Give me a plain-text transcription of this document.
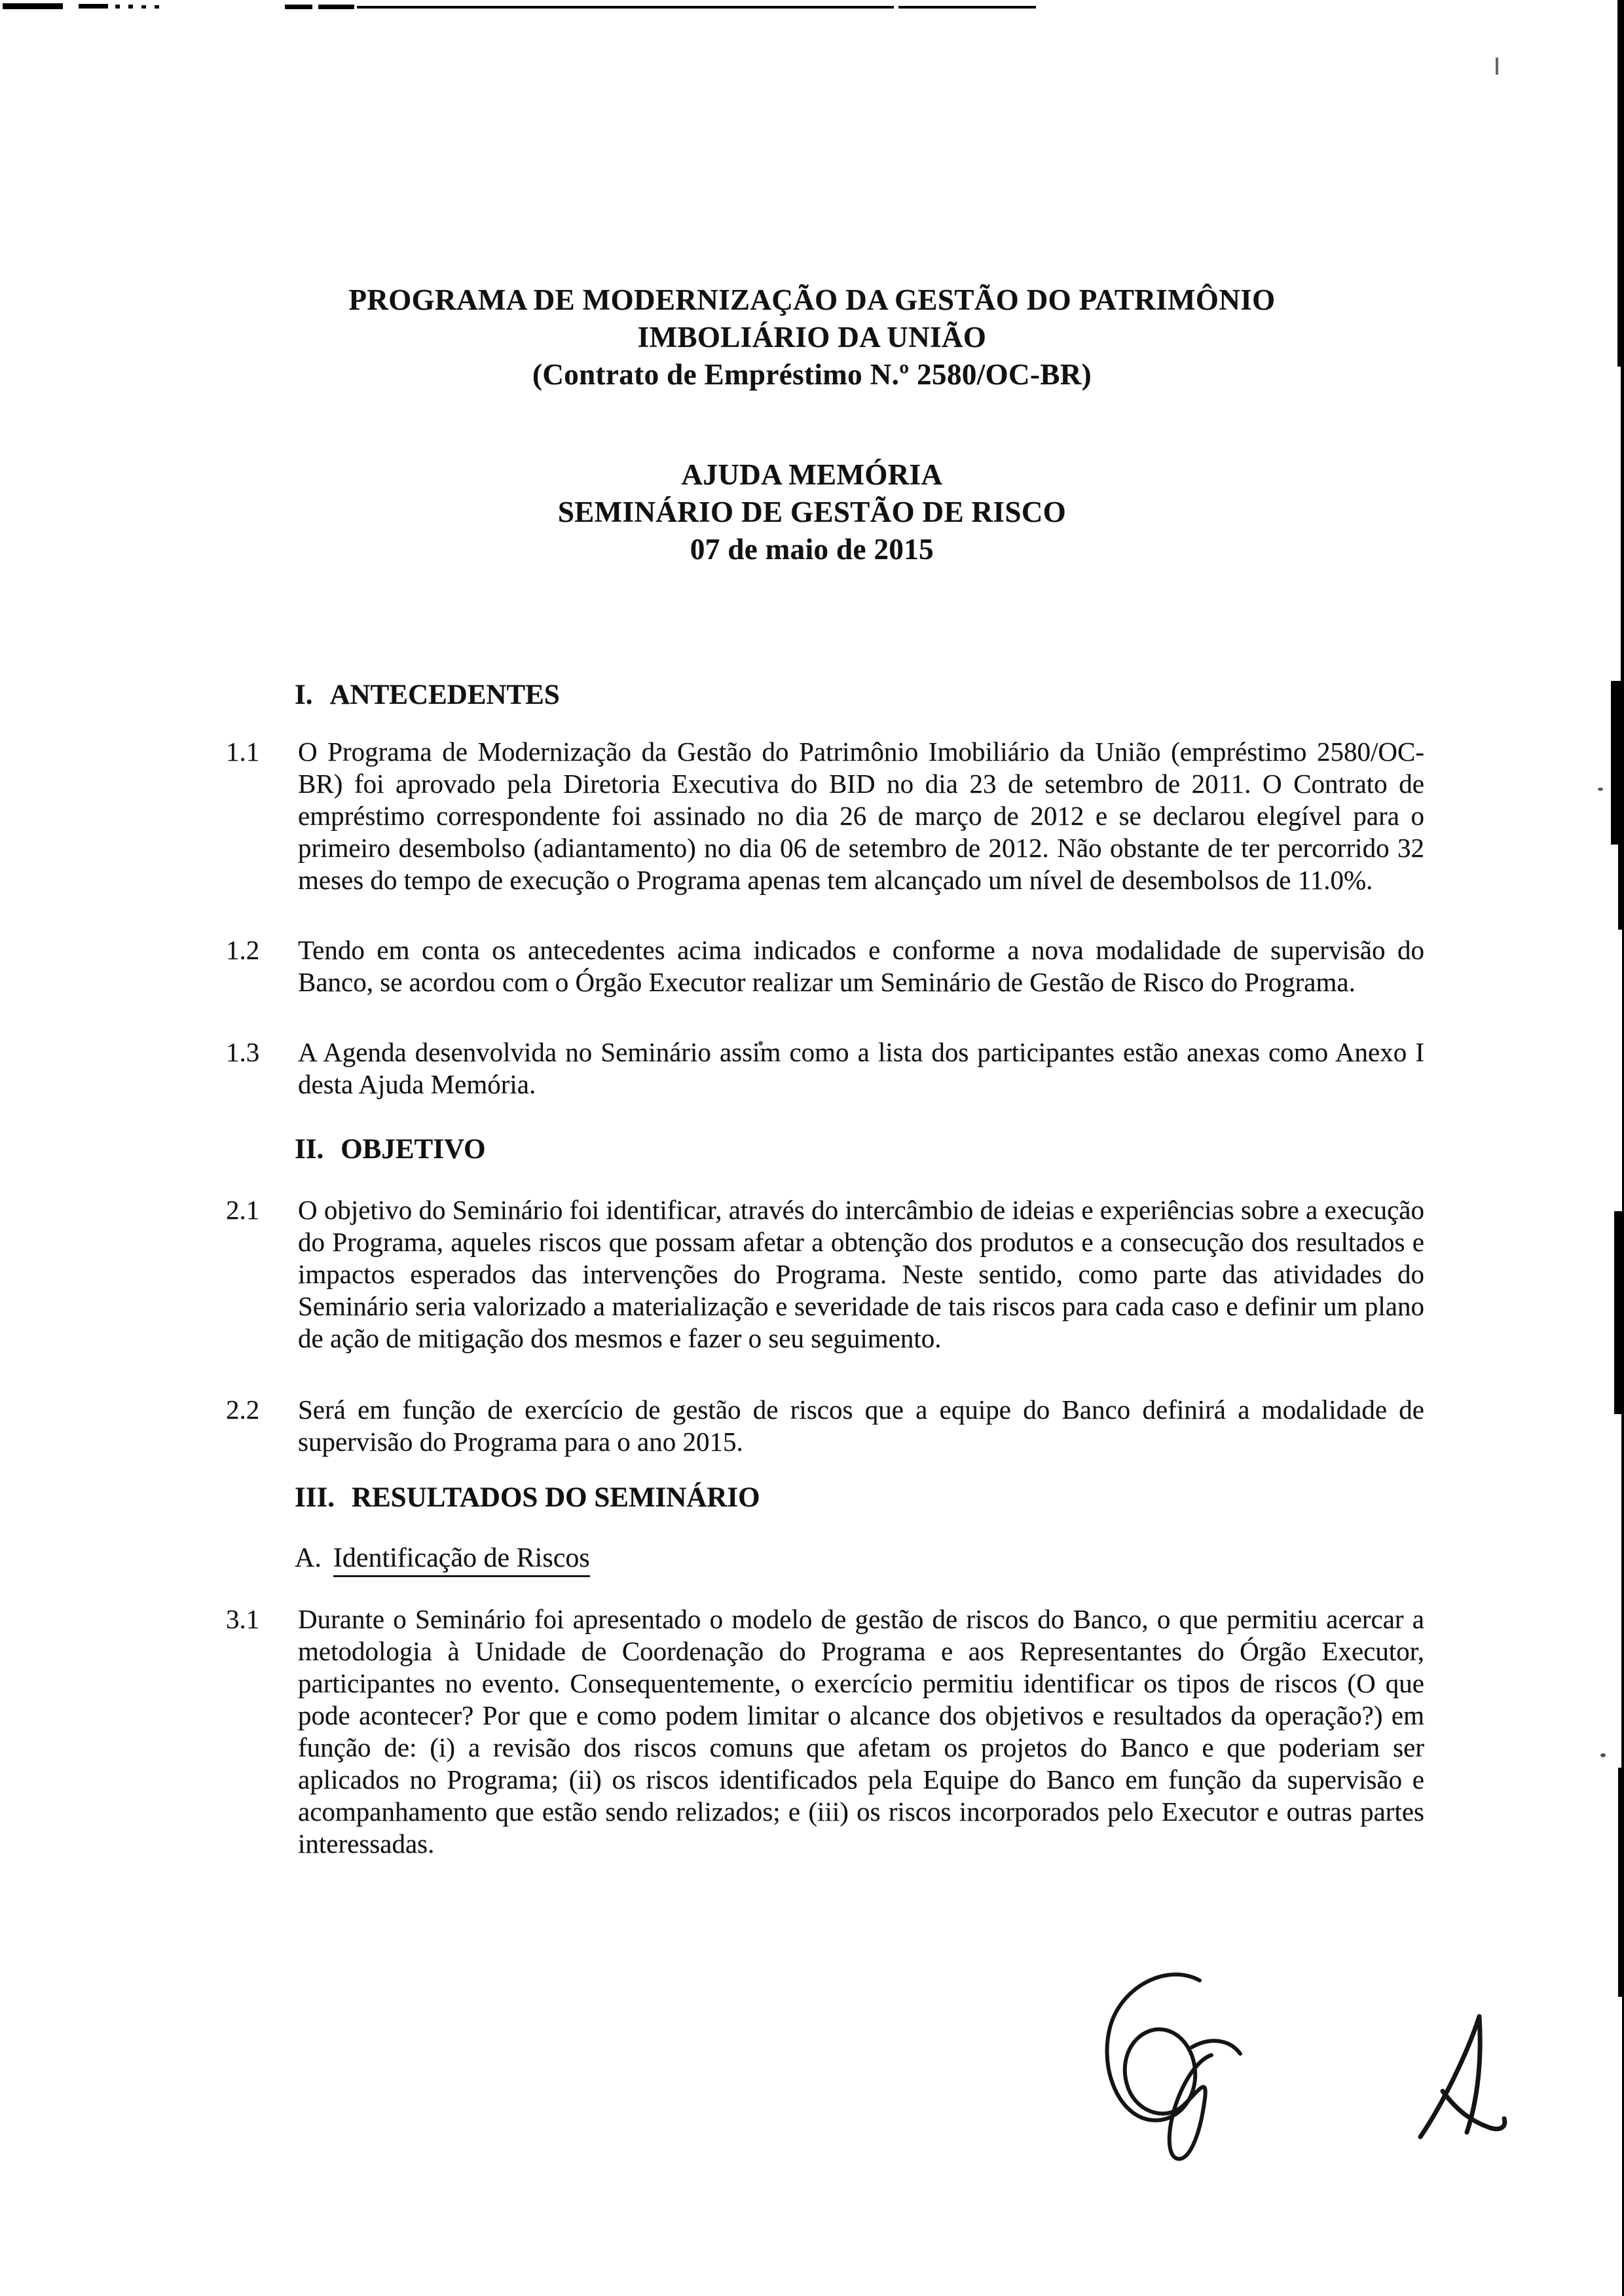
PROGRAMA DE MODERNIZAÇÃO DA GESTÃO DO PATRIMÔNIO
IMBOLIÁRIO DA UNIÃO
(Contrato de Empréstimo N.º 2580/OC-BR)
AJUDA MEMÓRIA
SEMINÁRIO DE GESTÃO DE RISCO
07 de maio de 2015
I. ANTECEDENTES
1.1 O Programa de Modernização da Gestão do Patrimônio Imobiliário da União (empréstimo 2580/OC-BR) foi aprovado pela Diretoria Executiva do BID no dia 23 de setembro de 2011. O Contrato de empréstimo correspondente foi assinado no dia 26 de março de 2012 e se declarou elegível para o primeiro desembolso (adiantamento) no dia 06 de setembro de 2012. Não obstante de ter percorrido 32 meses do tempo de execução o Programa apenas tem alcançado um nível de desembolsos de 11.0%.
1.2 Tendo em conta os antecedentes acima indicados e conforme a nova modalidade de supervisão do Banco, se acordou com o Órgão Executor realizar um Seminário de Gestão de Risco do Programa.
1.3 A Agenda desenvolvida no Seminário assim como a lista dos participantes estão anexas como Anexo I desta Ajuda Memória.
II. OBJETIVO
2.1 O objetivo do Seminário foi identificar, através do intercâmbio de ideias e experiências sobre a execução do Programa, aqueles riscos que possam afetar a obtenção dos produtos e a consecução dos resultados e impactos esperados das intervenções do Programa. Neste sentido, como parte das atividades do Seminário seria valorizado a materialização e severidade de tais riscos para cada caso e definir um plano de ação de mitigação dos mesmos e fazer o seu seguimento.
2.2 Será em função de exercício de gestão de riscos que a equipe do Banco definirá a modalidade de supervisão do Programa para o ano 2015.
III. RESULTADOS DO SEMINÁRIO
A. Identificação de Riscos
3.1 Durante o Seminário foi apresentado o modelo de gestão de riscos do Banco, o que permitiu acercar a metodologia à Unidade de Coordenação do Programa e aos Representantes do Órgão Executor, participantes no evento. Consequentemente, o exercício permitiu identificar os tipos de riscos (O que pode acontecer? Por que e como podem limitar o alcance dos objetivos e resultados da operação?) em função de: (i) a revisão dos riscos comuns que afetam os projetos do Banco e que poderiam ser aplicados no Programa; (ii) os riscos identificados pela Equipe do Banco em função da supervisão e acompanhamento que estão sendo relizados; e (iii) os riscos incorporados pelo Executor e outras partes interessadas.
